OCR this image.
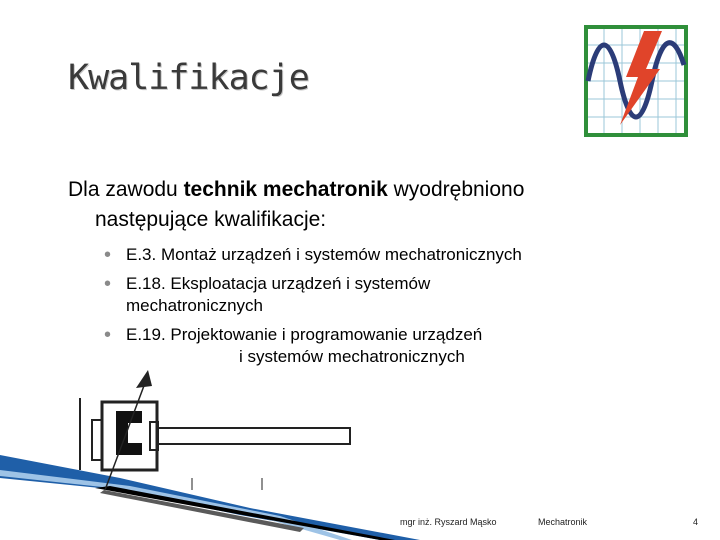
Kwalifikacje
Dla zawodu technik mechatronik wyodrębniono
następujące kwalifikacje:
• E.3. Montaż urządzeń i systemów mechatronicznych
• E.18. Eksploatacja urządzeń i systemów
mechatronicznych
• E.19. Projektowanie i programowanie urządzeń
i systemów mechatronicznych
mgr inż. Ryszard Mąsko	Mechatronik	4
